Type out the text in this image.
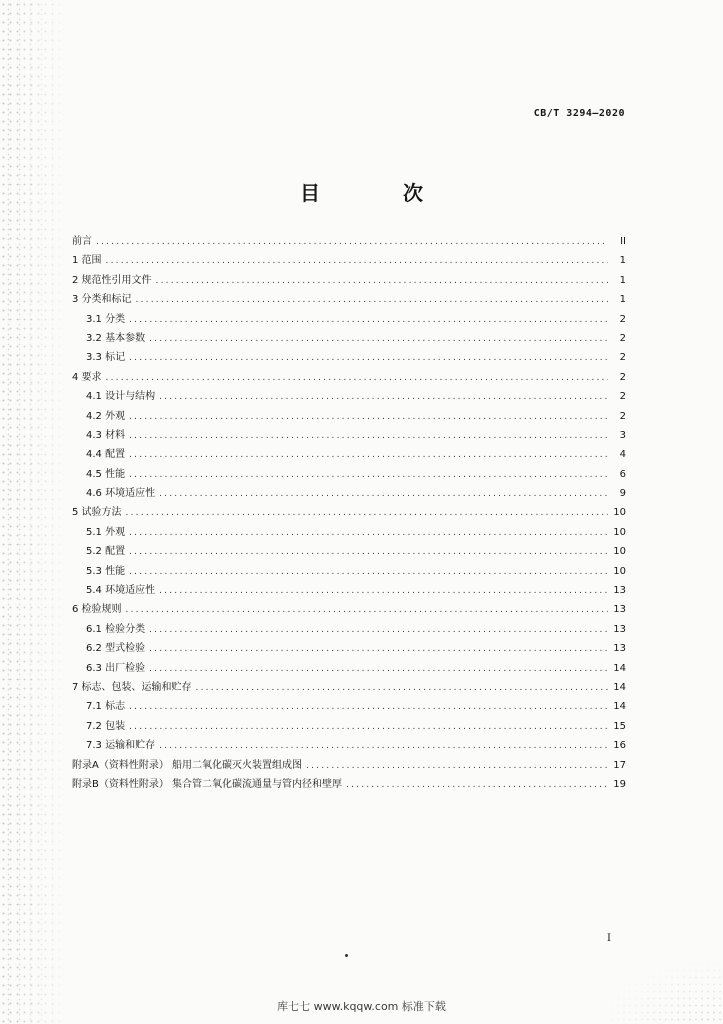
CB/T 3294—2020
目 次
前言 .....	II
1 范围 .....	1
2 规范性引用文件 .....	1
3 分类和标记 .....	1
3.1 分类 .....	2
3.2 基本参数 .....	2
3.3 标记 .....	2
4 要求 .....	2
4.1 设计与结构 .....	2
4.2 外观 .....	2
4.3 材料 .....	3
4.4 配置 .....	4
4.5 性能 .....	6
4.6 环境适应性 .....	9
5 试验方法 .....	10
5.1 外观 .....	10
5.2 配置 .....	10
5.3 性能 .....	10
5.4 环境适应性 .....	13
6 检验规则 .....	13
6.1 检验分类 .....	13
6.2 型式检验 .....	13
6.3 出厂检验 .....	14
7 标志、包装、运输和贮存 .....	14
7.1 标志 .....	14
7.2 包装 .....	15
7.3 运输和贮存 .....	16
附录A（资料性附录） 船用二氧化碳灭火装置组成图 .....	17
附录B（资料性附录） 集合管二氧化碳流通量与管内径和壁厚 .....	19
I
库七七 www.kqqw.com 标准下载
